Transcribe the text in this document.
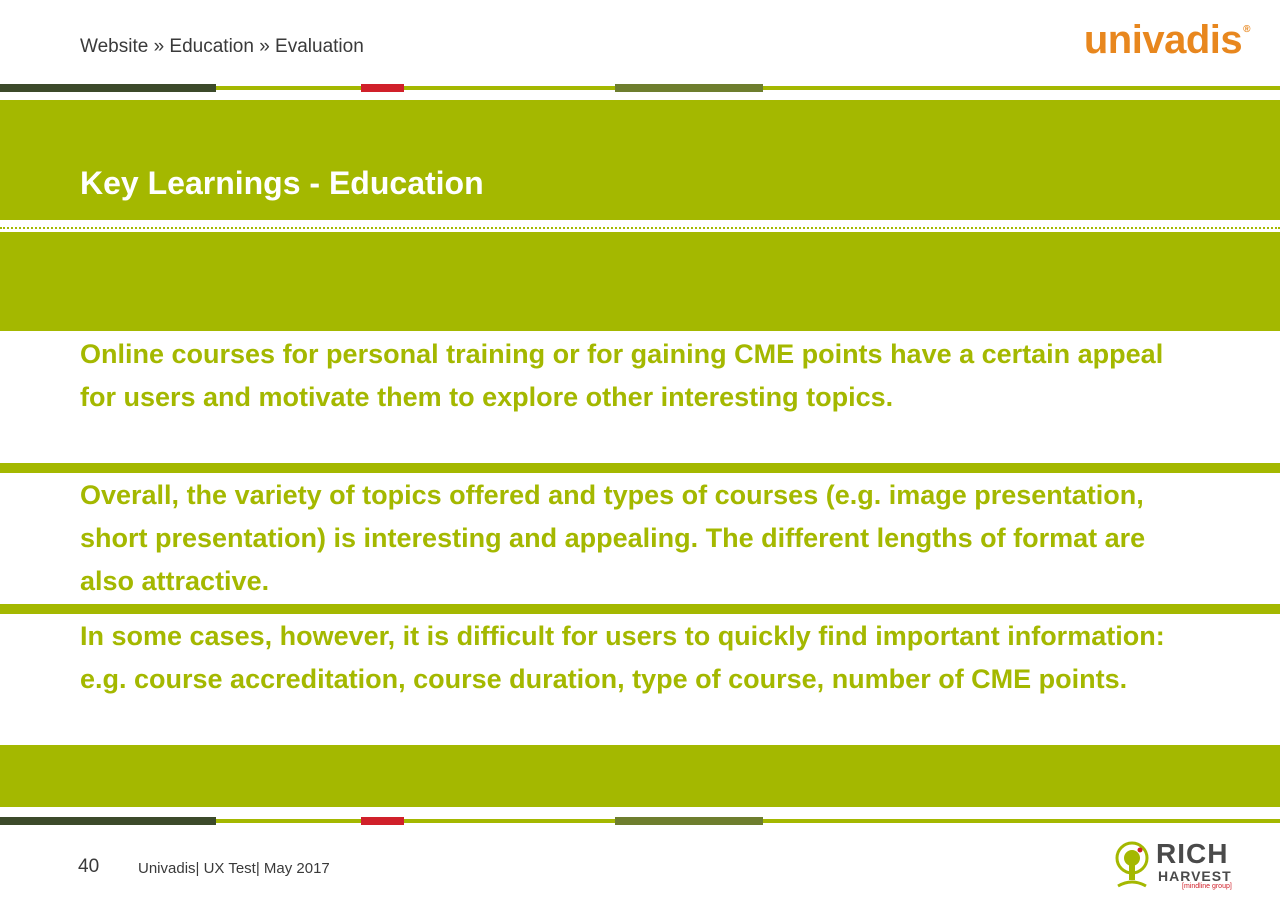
Website » Education » Evaluation	univadis®
Key Learnings - Education
Online courses for personal training or for gaining CME points have a certain appeal for users and motivate them to explore other interesting topics.
Overall, the variety of topics offered and types of courses (e.g. image presentation, short presentation) is interesting and appealing. The different lengths of format are also attractive.
In some cases, however, it is difficult for users to quickly find important information: e.g. course accreditation, course duration, type of course, number of CME points.
40	Univadis| UX Test| May 2017	RICH
HARVEST
[mindline group]
